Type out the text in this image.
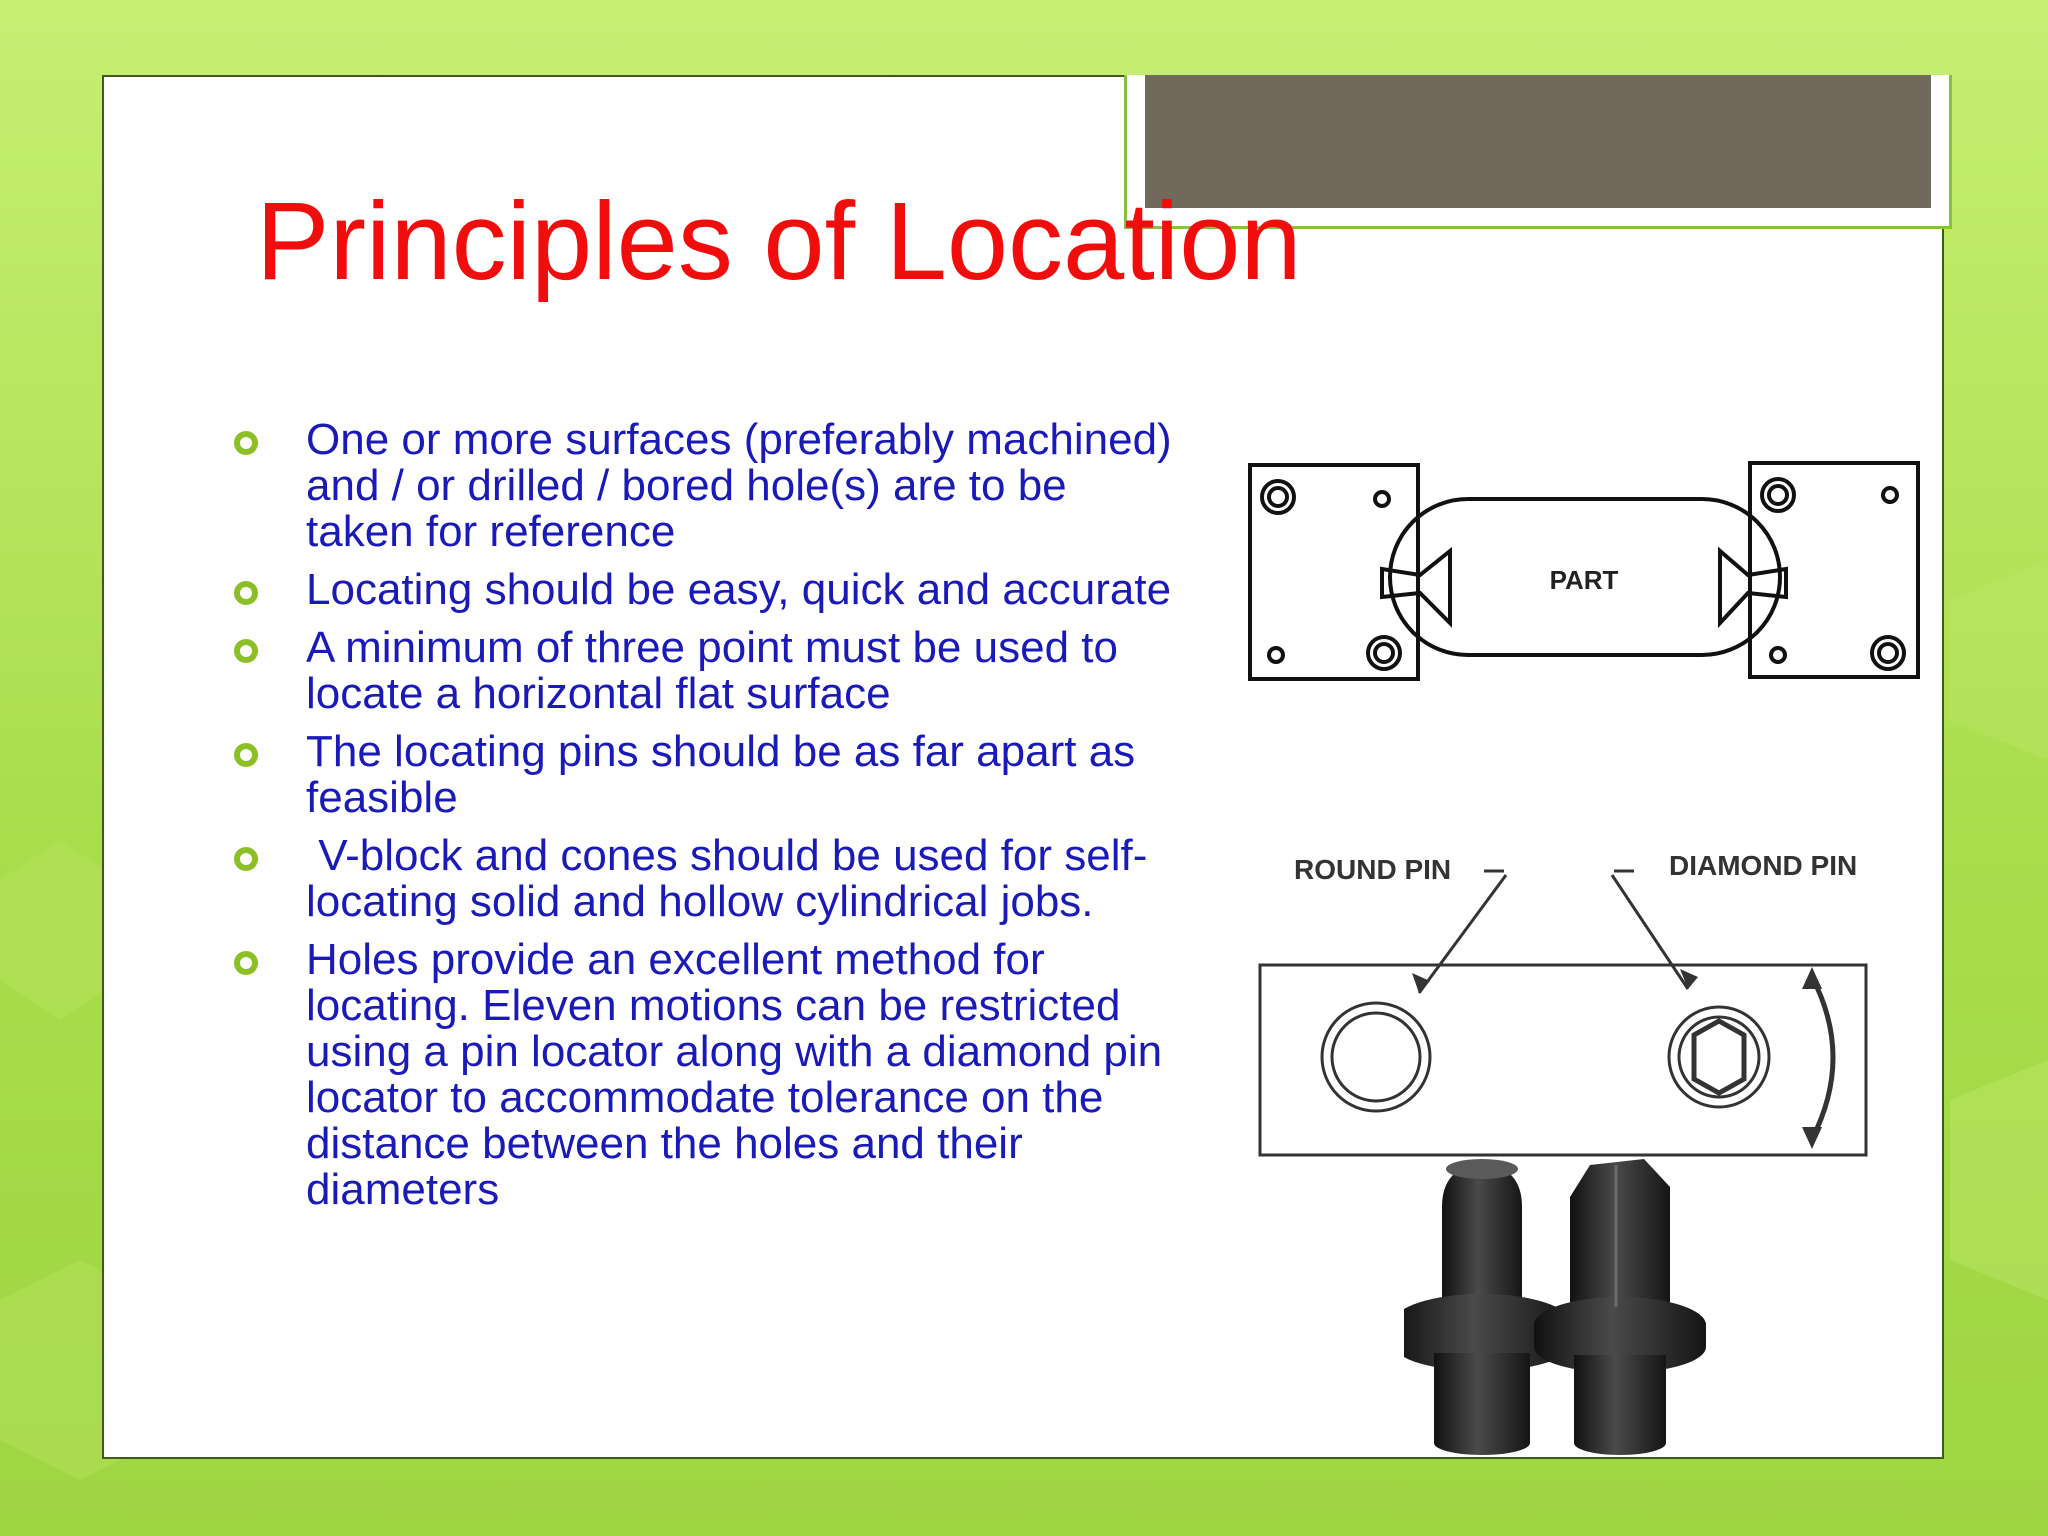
Principles of Location
One or more surfaces (preferably machined) and / or drilled / bored hole(s) are to be taken for reference
Locating should be easy, quick and accurate
A minimum of three point must be used to locate a horizontal flat surface
The locating pins should be as far apart as feasible
V-block and cones should be used for self-locating solid and hollow cylindrical jobs.
Holes provide an excellent method for locating. Eleven motions can be restricted using a pin locator along with a diamond pin locator to accommodate tolerance on the distance between the holes and their diameters
PART
ROUND PIN	DIAMOND PIN
